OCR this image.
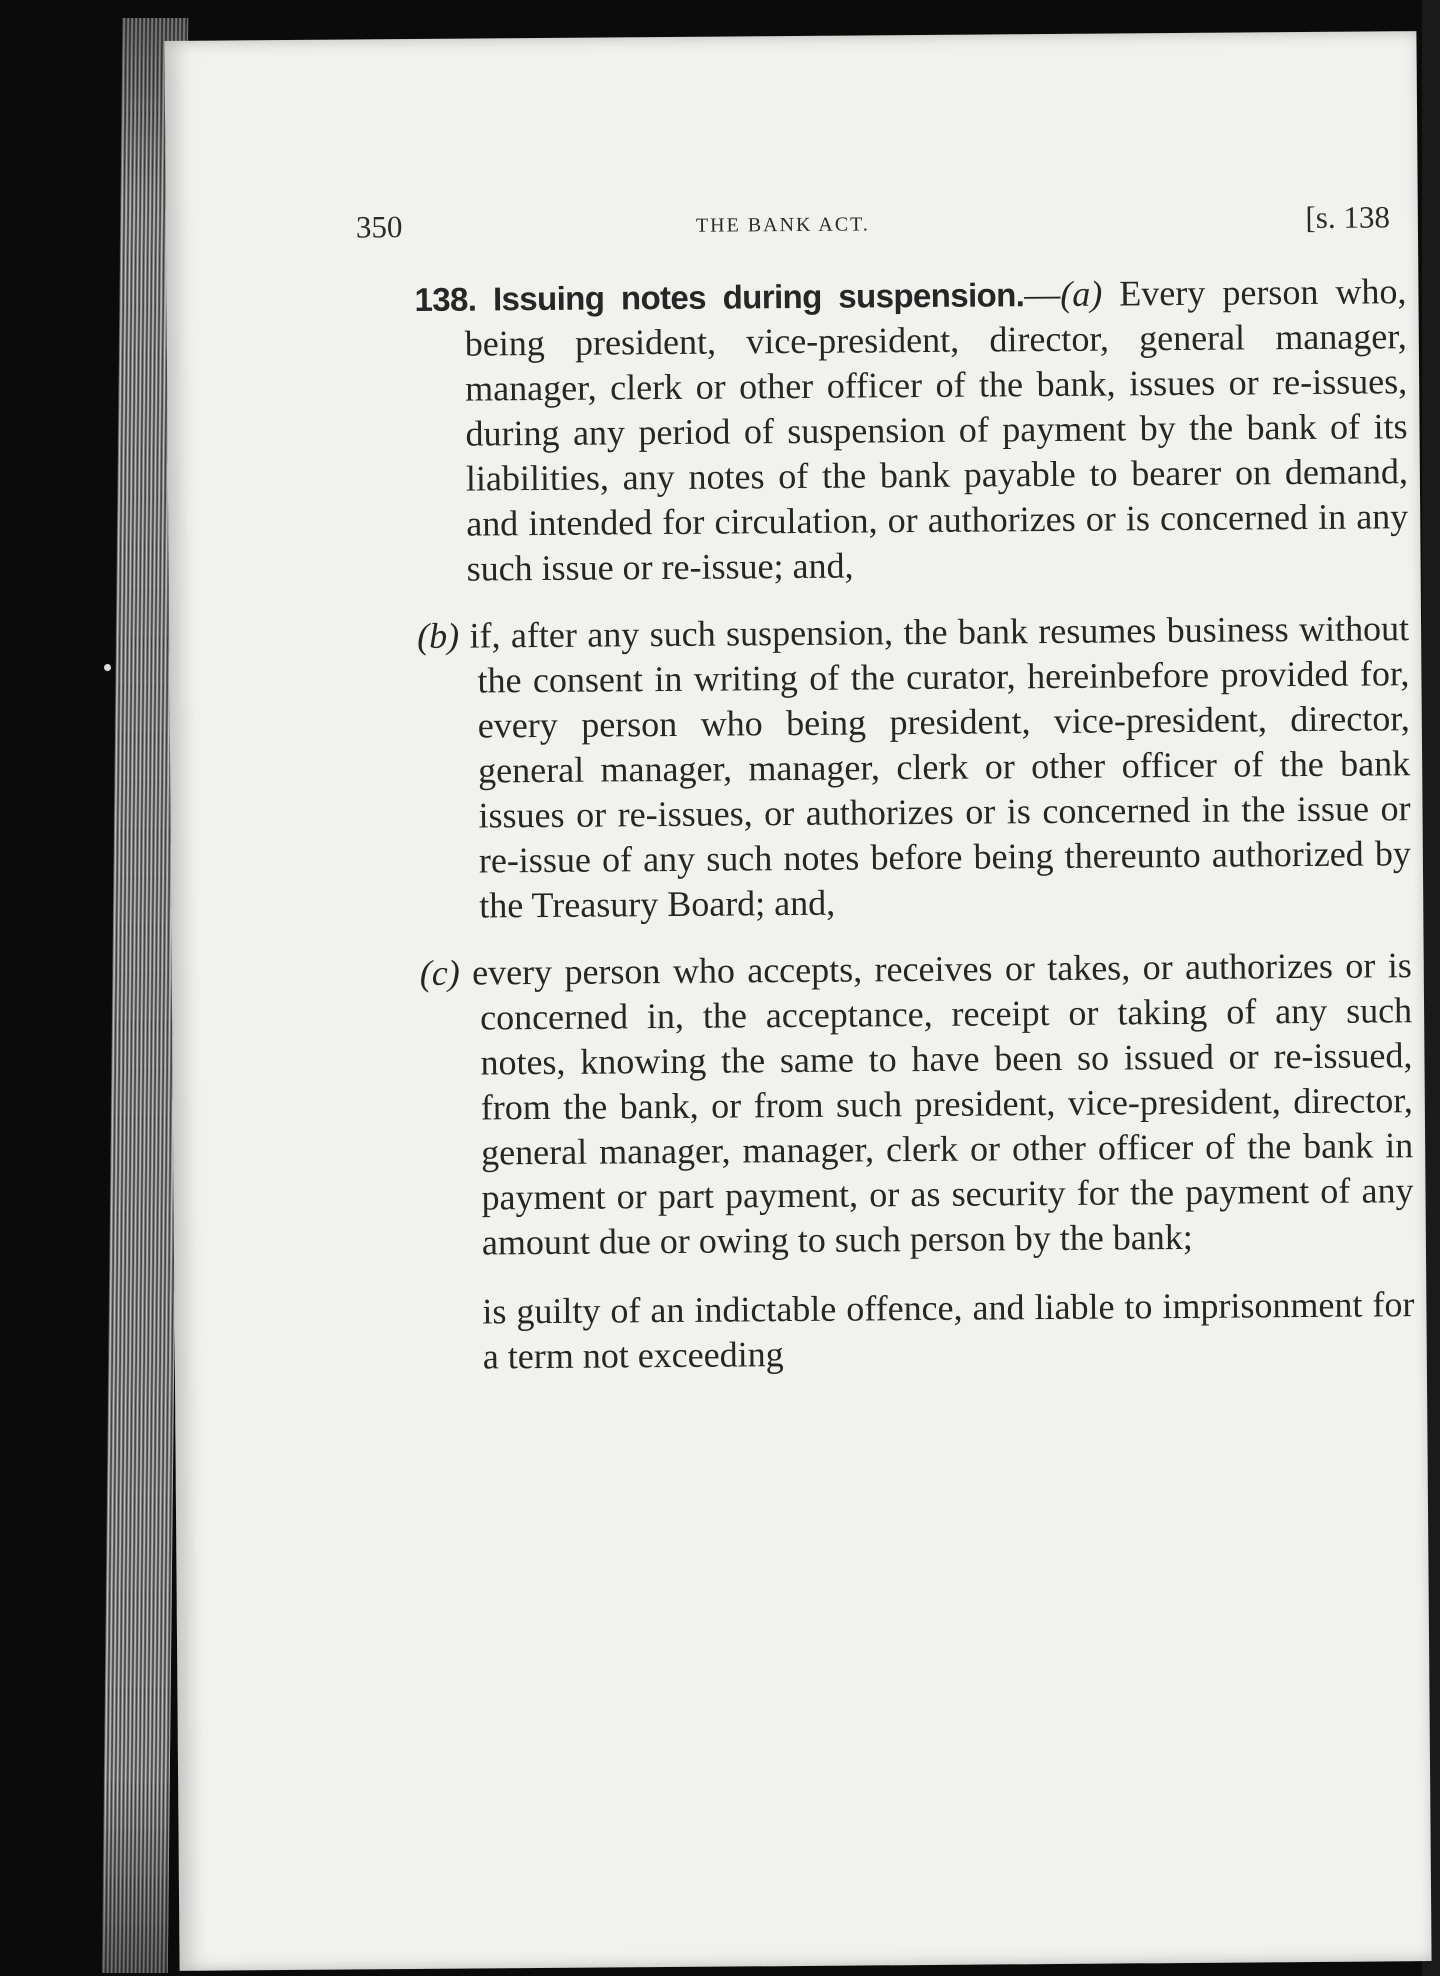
350	THE BANK ACT.	[s. 138

138. Issuing notes during suspension.—(a) Every person who, being president, vice-president, director, general manager, manager, clerk or other officer of the bank, issues or re-issues, during any period of suspension of payment by the bank of its liabilities, any notes of the bank payable to bearer on demand, and intended for circulation, or authorizes or is concerned in any such issue or re-issue; and,

(b) if, after any such suspension, the bank resumes business without the consent in writing of the curator, hereinbefore provided for, every person who being president, vice-president, director, general manager, manager, clerk or other officer of the bank issues or re-issues, or authorizes or is concerned in the issue or re-issue of any such notes before being thereunto authorized by the Treasury Board; and,

(c) every person who accepts, receives or takes, or authorizes or is concerned in, the acceptance, receipt or taking of any such notes, knowing the same to have been so issued or re-issued, from the bank, or from such president, vice-president, director, general manager, manager, clerk or other officer of the bank in payment or part payment, or as security for the payment of any amount due or owing to such person by the bank;

is guilty of an indictable offence, and liable to imprisonment for a term not exceeding
